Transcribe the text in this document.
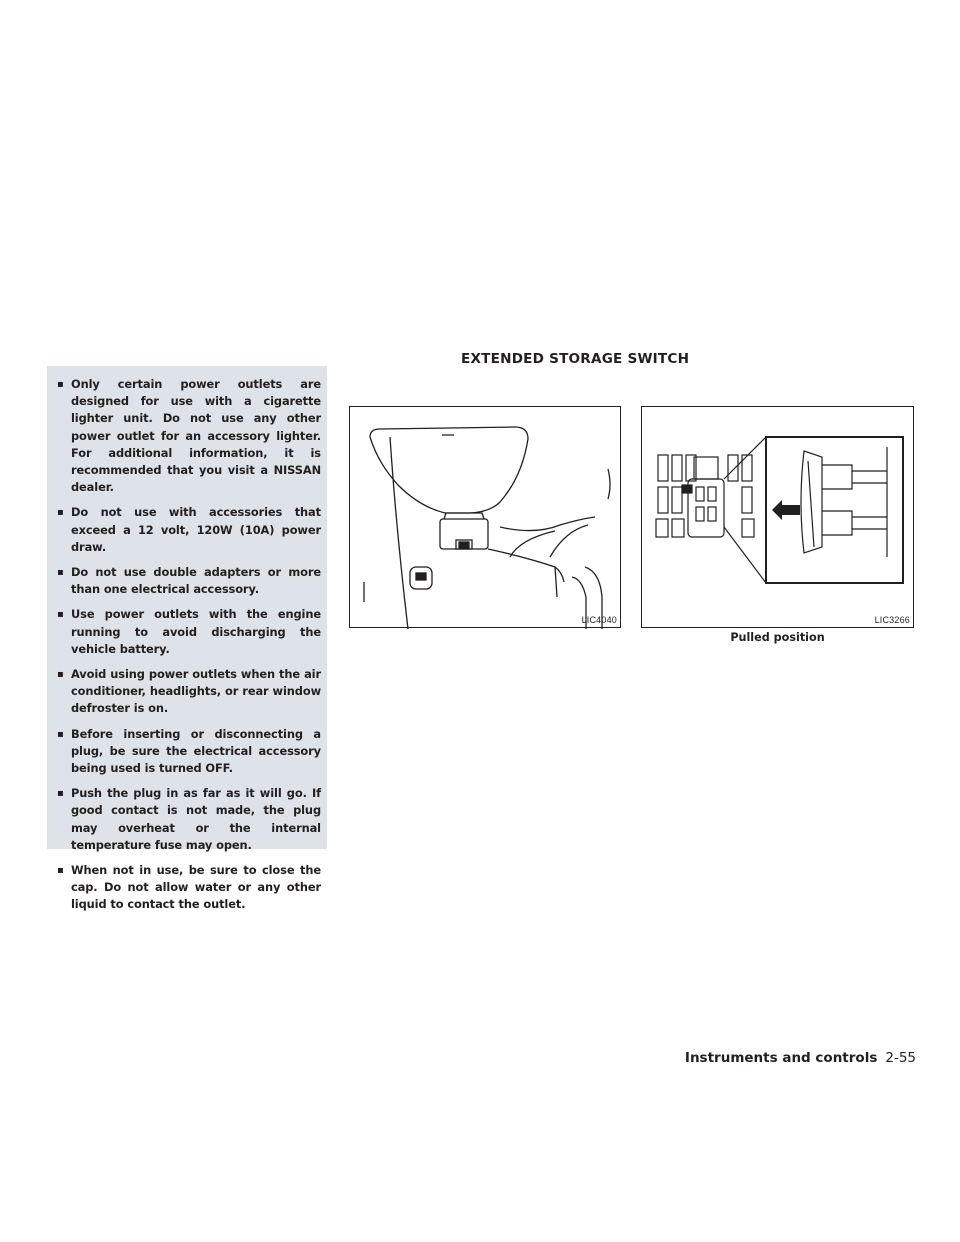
▪ Only certain power outlets are designed for use with a cigarette lighter unit. Do not use any other power outlet for an accessory lighter. For additional information, it is recommended that you visit a NISSAN dealer.
▪ Do not use with accessories that exceed a 12 volt, 120W (10A) power draw.
▪ Do not use double adapters or more than one electrical accessory.
▪ Use power outlets with the engine running to avoid discharging the vehicle battery.
▪ Avoid using power outlets when the air conditioner, headlights, or rear window defroster is on.
▪ Before inserting or disconnecting a plug, be sure the electrical accessory being used is turned OFF.
▪ Push the plug in as far as it will go. If good contact is not made, the plug may overheat or the internal temperature fuse may open.
▪ When not in use, be sure to close the cap. Do not allow water or any other liquid to contact the outlet.
EXTENDED STORAGE SWITCH
LIC4040	LIC3266
Pulled position
Instruments and controls 2-55
